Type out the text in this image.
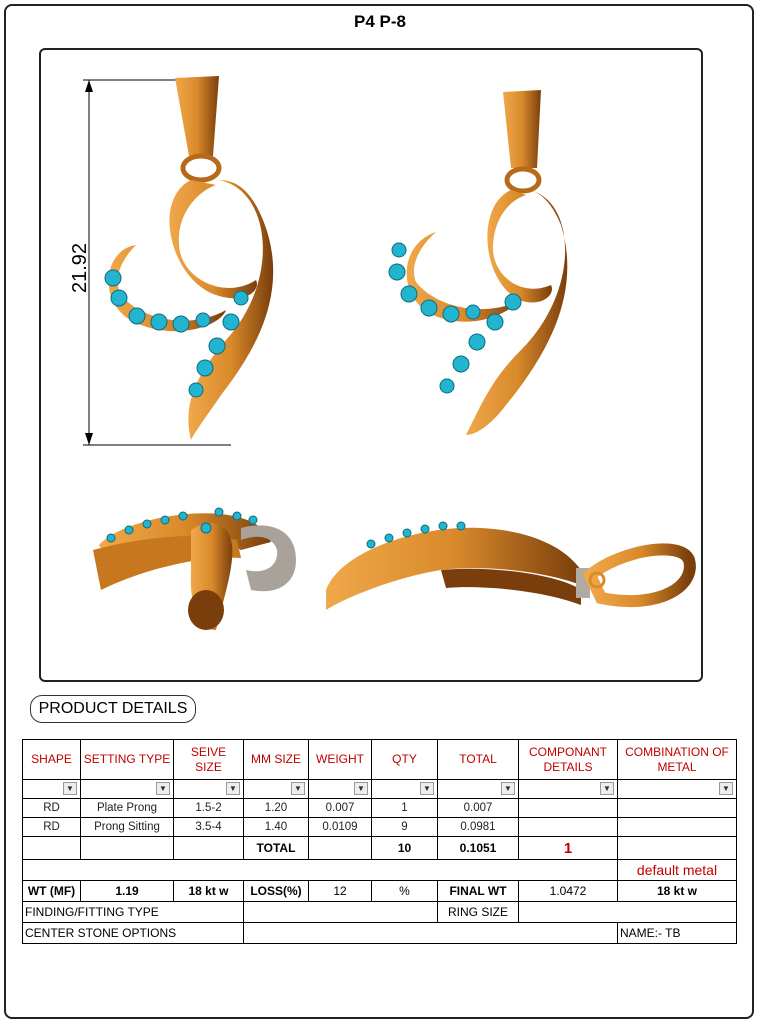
P4 P-8
21.92
PRODUCT DETAILS
SHAPE	SETTING TYPE	SEIVE SIZE	MM SIZE	WEIGHT	QTY	TOTAL	COMPONANT DETAILS	COMBINATION OF METAL

▼	▼	▼	▼	▼	▼	▼	▼	▼

RD	Plate Prong	1.5-2	1.20	0.007	1	0.007		
RD	Prong Sitting	3.5-4	1.40	0.0109	9	0.0981		
			TOTAL		10	0.1051	1	
								default metal
WT (MF)	1.19	18 kt w	LOSS(%)	12	%	FINAL WT	1.0472	18 kt w
FINDING/FITTING TYPE						RING SIZE		
CENTER STONE OPTIONS								NAME:- TB
